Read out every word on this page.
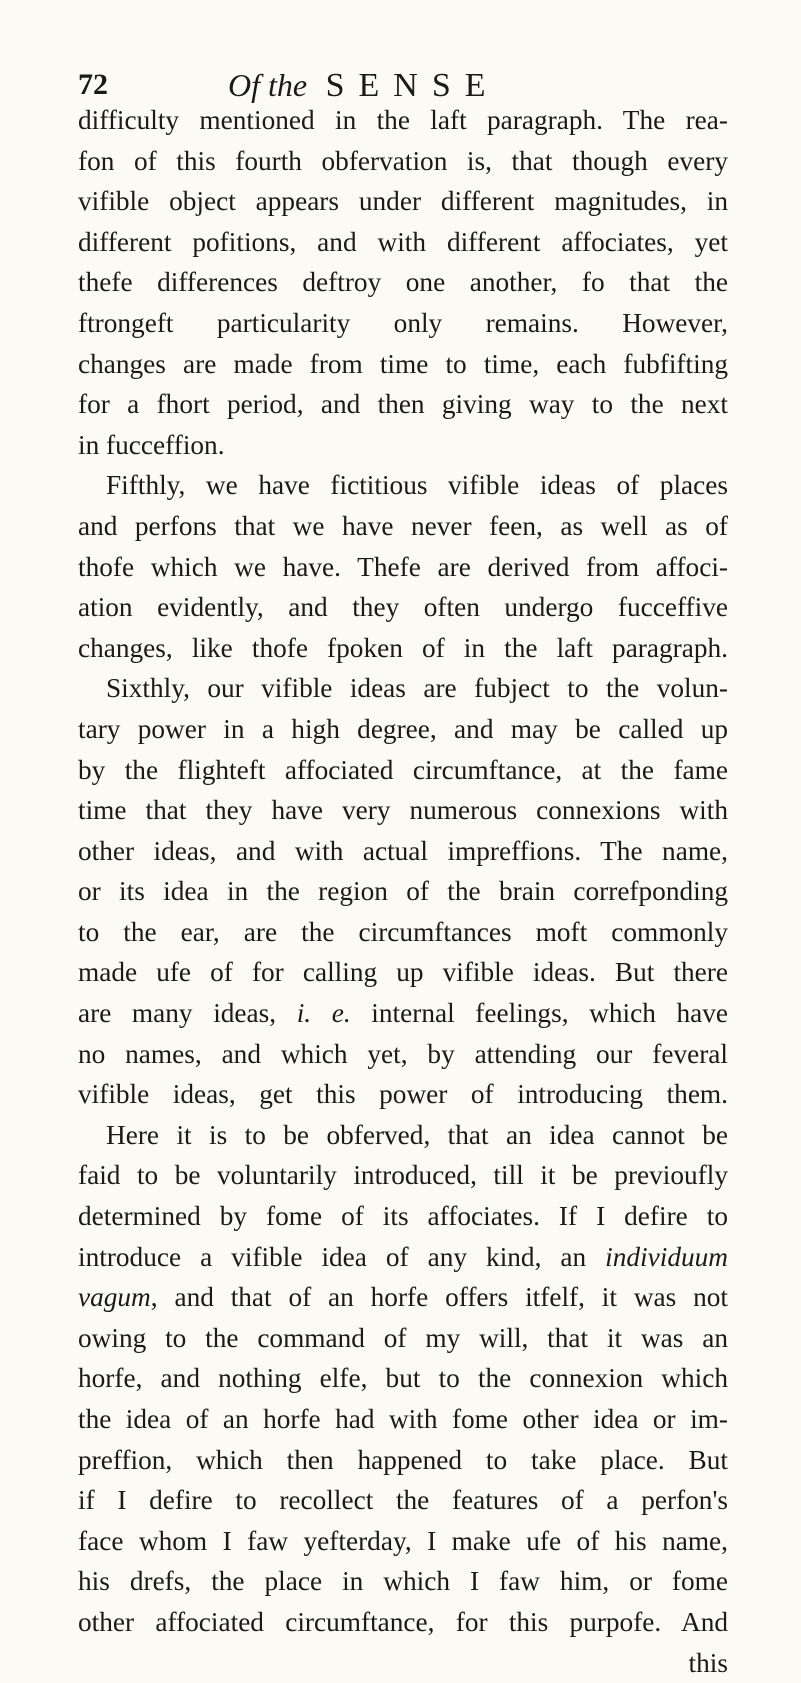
72	Of the SENSE
difficulty mentioned in the laft paragraph. The rea-
fon of this fourth obfervation is, that though every
vifible object appears under different magnitudes, in
different pofitions, and with different affociates, yet
thefe differences deftroy one another, fo that the
ftrongeft particularity only remains. However,
changes are made from time to time, each fubfifting
for a fhort period, and then giving way to the next
in fucceffion.
Fifthly, we have fictitious vifible ideas of places
and perfons that we have never feen, as well as of
thofe which we have. Thefe are derived from affoci-
ation evidently, and they often undergo fucceffive
changes, like thofe fpoken of in the laft paragraph.
Sixthly, our vifible ideas are fubject to the volun-
tary power in a high degree, and may be called up
by the flighteft affociated circumftance, at the fame
time that they have very numerous connexions with
other ideas, and with actual impreffions. The name,
or its idea in the region of the brain correfponding
to the ear, are the circumftances moft commonly
made ufe of for calling up vifible ideas. But there
are many ideas, i. e. internal feelings, which have
no names, and which yet, by attending our feveral
vifible ideas, get this power of introducing them.
Here it is to be obferved, that an idea cannot be
faid to be voluntarily introduced, till it be previoufly
determined by fome of its affociates. If I defire to
introduce a vifible idea of any kind, an individuum
vagum, and that of an horfe offers itfelf, it was not
owing to the command of my will, that it was an
horfe, and nothing elfe, but to the connexion which
the idea of an horfe had with fome other idea or im-
preffion, which then happened to take place. But
if I defire to recollect the features of a perfon's
face whom I faw yefterday, I make ufe of his name,
his drefs, the place in which I faw him, or fome
other affociated circumftance, for this purpofe. And
this
